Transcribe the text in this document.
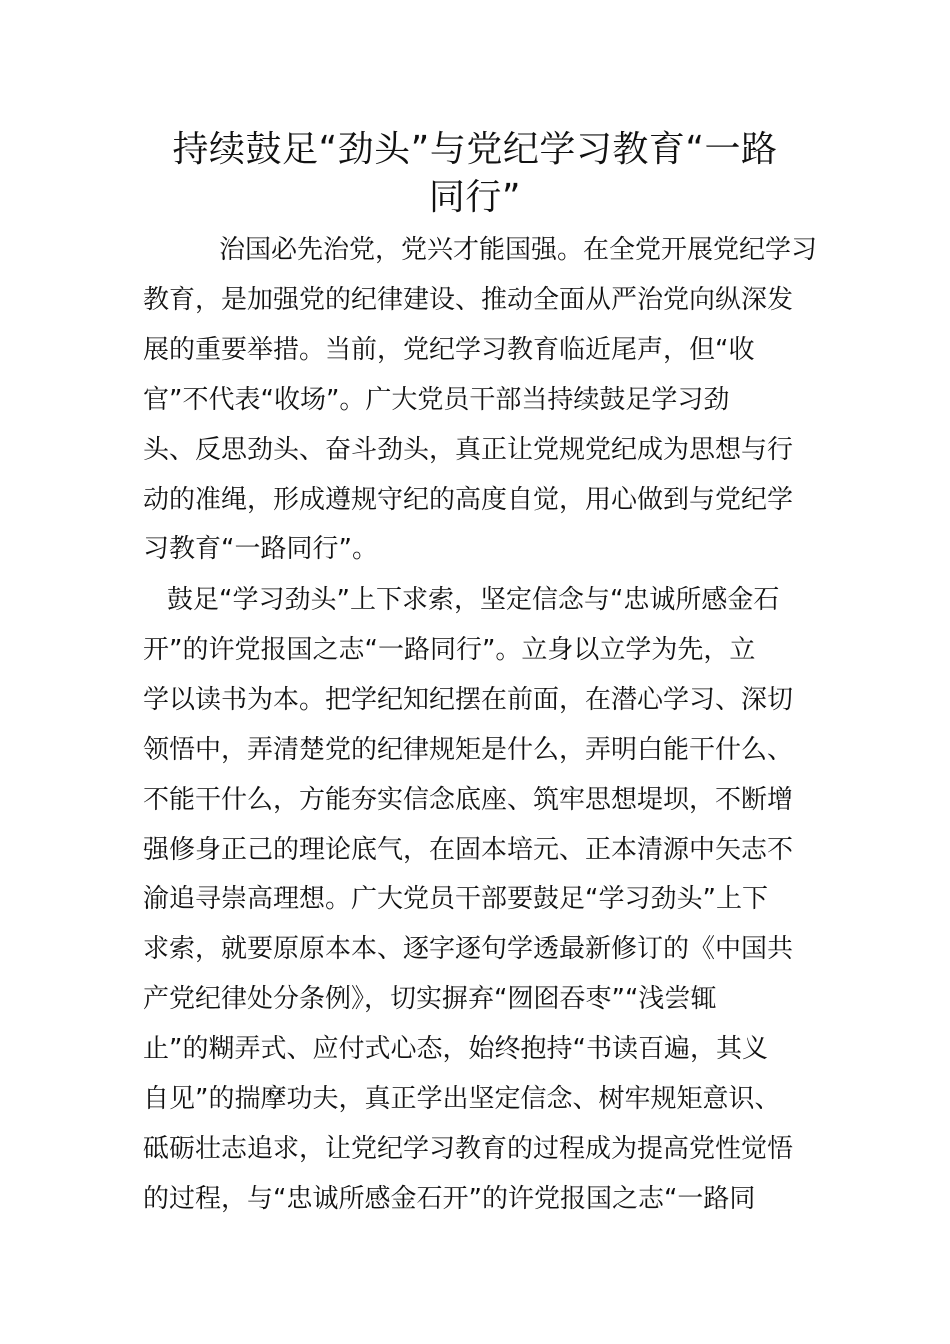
持续鼓足“劲头”与党纪学习教育“一路
同行”

治国必先治党，党兴才能国强。在全党开展党纪学习
教育，是加强党的纪律建设、推动全面从严治党向纵深发
展的重要举措。当前，党纪学习教育临近尾声，但“收
官”不代表“收场”。广大党员干部当持续鼓足学习劲
头、反思劲头、奋斗劲头，真正让党规党纪成为思想与行
动的准绳，形成遵规守纪的高度自觉，用心做到与党纪学
习教育“一路同行”。

鼓足“学习劲头”上下求索，坚定信念与“忠诚所感金石
开”的许党报国之志“一路同行”。立身以立学为先，立
学以读书为本。把学纪知纪摆在前面，在潜心学习、深切
领悟中，弄清楚党的纪律规矩是什么，弄明白能干什么、
不能干什么，方能夯实信念底座、筑牢思想堤坝，不断增
强修身正己的理论底气，在固本培元、正本清源中矢志不
渝追寻崇高理想。广大党员干部要鼓足“学习劲头”上下
求索，就要原原本本、逐字逐句学透最新修订的《中国共
产党纪律处分条例》，切实摒弃“囫囵吞枣”“浅尝辄
止”的糊弄式、应付式心态，始终抱持“书读百遍，其义
自见”的揣摩功夫，真正学出坚定信念、树牢规矩意识、
砥砺壮志追求，让党纪学习教育的过程成为提高党性觉悟
的过程，与“忠诚所感金石开”的许党报国之志“一路同
